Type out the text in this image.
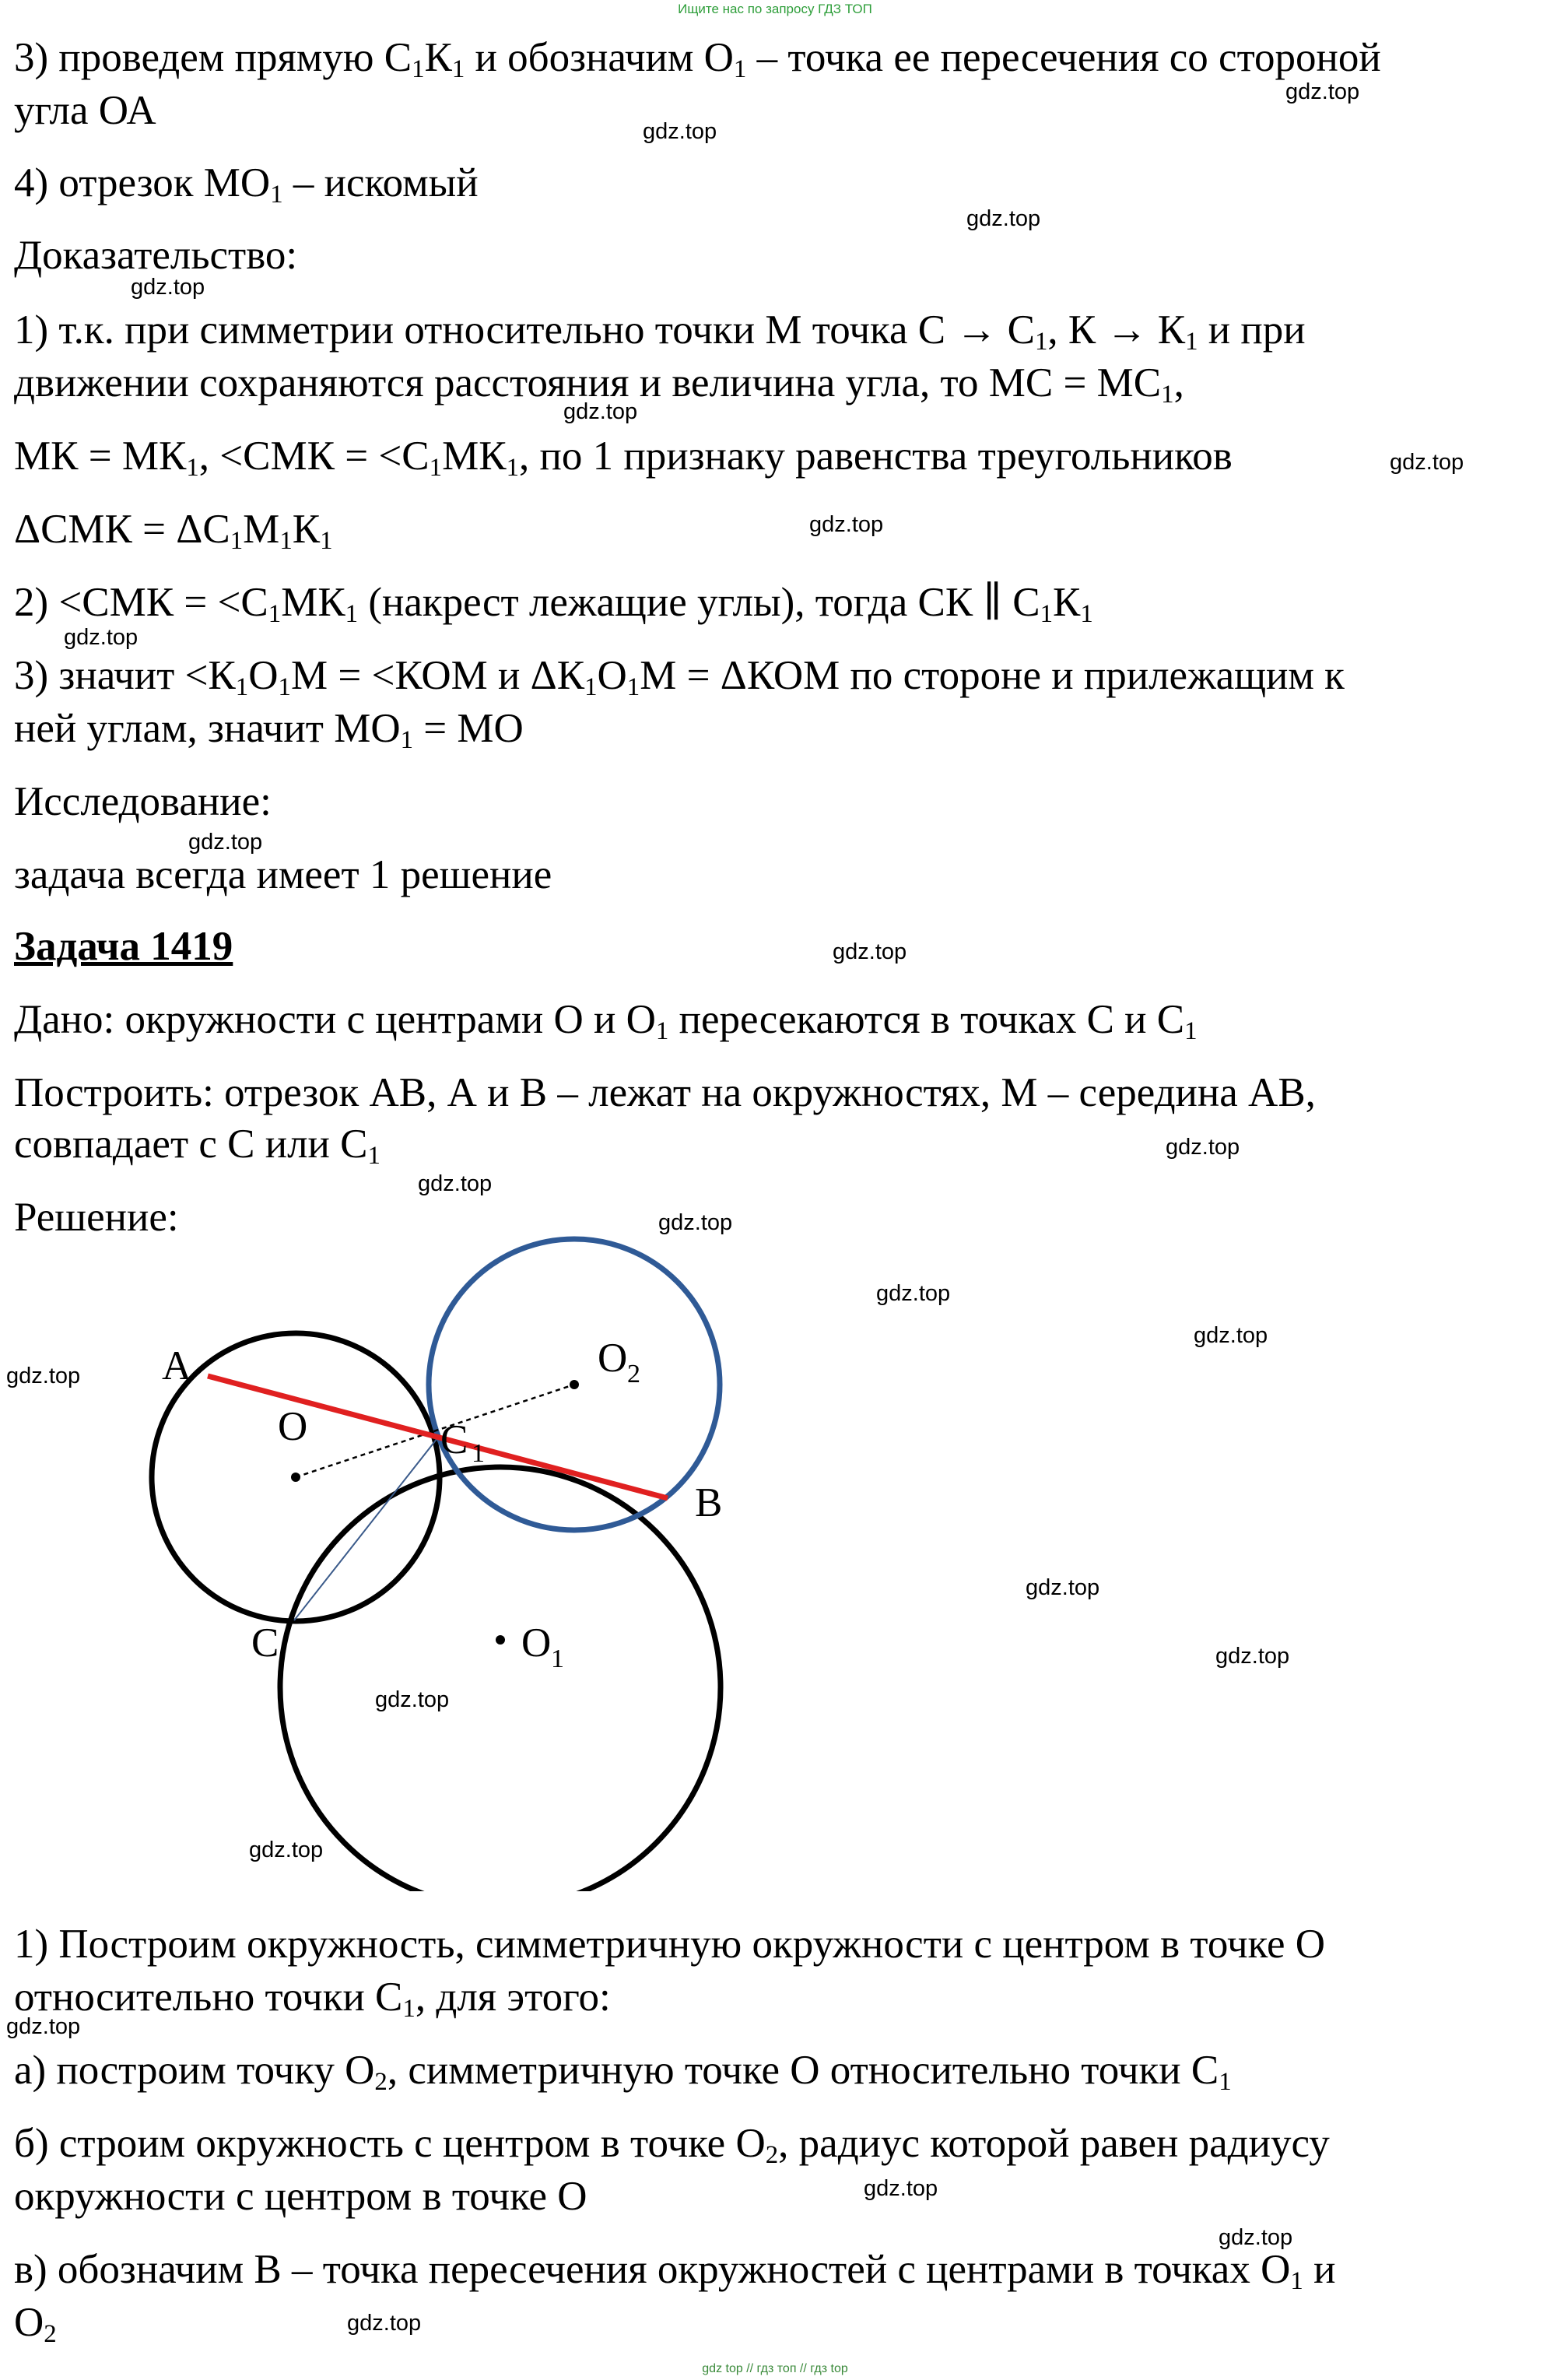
Ищите нас по запросу ГДЗ ТОП
3) проведем прямую $С_1К_1$ и обозначим $О_1$ – точка ее пересечения со стороной
угла ОА
4) отрезок $МО_1$ – искомый
Доказательство:
1) т.к. при симметрии относительно точки М точка $С \to С_1$, $К \to К_1$ и при
движении сохраняются расстояния и величина угла, то МС = $МС_1$,
МК = $МК_1$, $<СМК = <С_1МК_1$, по 1 признаку равенства треугольников
$\Delta СМК = \Delta С_1М_1К_1$
$2) <СМК = <С_1МК_1$ (накрест лежащие углы), тогда СК ∥ $С_1К_1$
3) значит $<К_1О_1М = <КОМ$ и $\Delta К_1О_1М = \Delta КОМ$ по стороне и прилежащим к
ней углам, значит $МО_1$ = МО
Исследование:
задача всегда имеет 1 решение
Задача 1419
Дано: окружности с центрами О и $О_1$ пересекаются в точках С и $С_1$
Построить: отрезок АВ, А и В – лежат на окружностях, М – середина АВ,
совпадает с С или $С_1$
Решение:
A
O
O 2
C 1
B
C	O 1
1) Построим окружность, симметричную окружности с центром в точке О
относительно точки $С_1$, для этого:
а) построим точку $О_2$, симметричную точке О относительно точки $С_1$
б) строим окружность с центром в точке $О_2$, радиус которой равен радиусу
окружности с центром в точке О
в) обозначим В – точка пересечения окружностей с центрами в точках $О_1$ и
$О_2$
gdz.top
gdz.top
gdz.top
gdz.top
gdz.top
gdz.top
gdz.top
gdz.top
gdz.top
gdz.top
gdz.top
gdz.top
gdz.top
gdz.top
gdz.top
gdz.top
gdz.top
gdz.top
gdz.top
gdz.top
gdz.top
gdz.top
gdz.top
gdz.top
gdz top // гдз топ // гдз top
